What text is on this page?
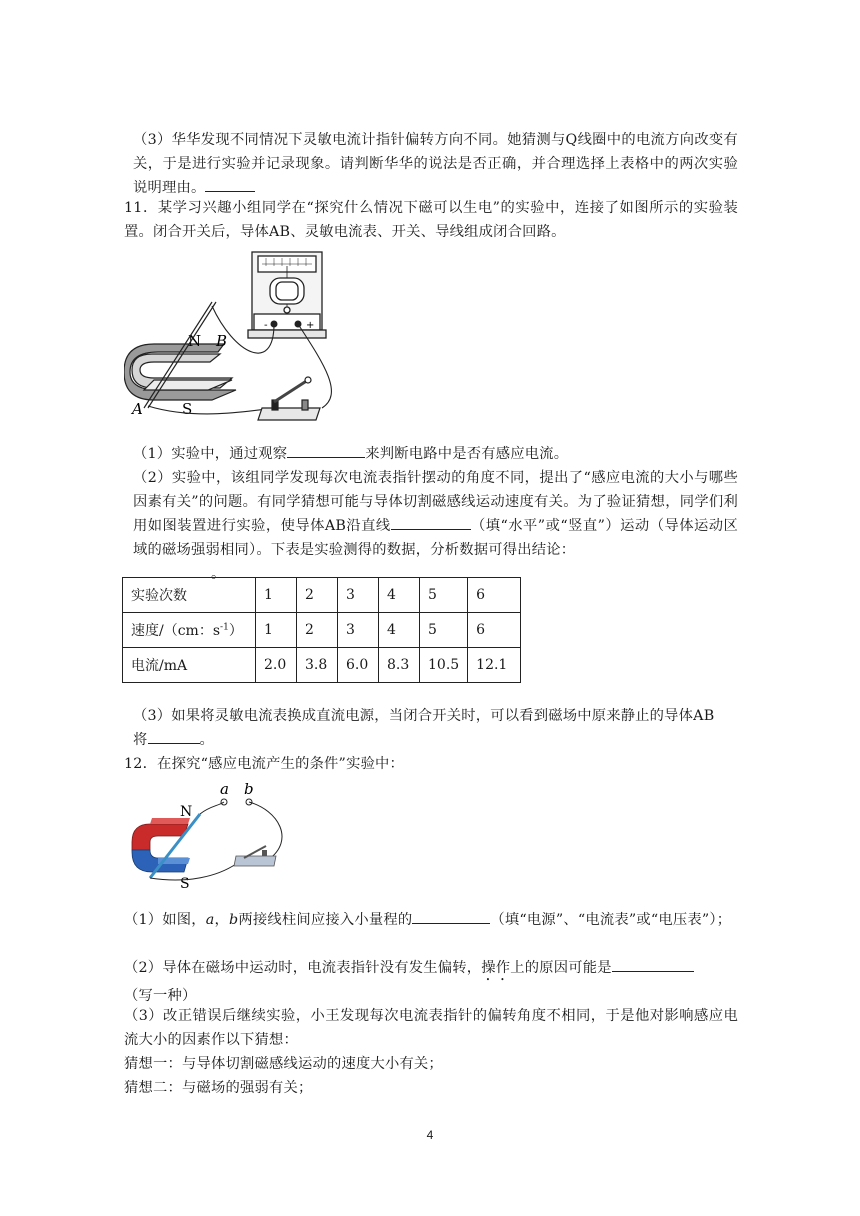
（3）华华发现不同情况下灵敏电流计指针偏转方向不同。她猜测与Q线圈中的电流方向改变有关，于是进行实验并记录现象。请判断华华的说法是否正确，并合理选择上表格中的两次实验说明理由。

11．某学习兴趣小组同学在“探究什么情况下磁可以生电”的实验中，连接了如图所示的实验装置。闭合开关后，导体AB、灵敏电流表、开关、导线组成闭合回路。

-	+
N
S
B
A

（1）实验中，通过观察	来判断电路中是否有感应电流。

（2）实验中，该组同学发现每次电流表指针摆动的角度不同，提出了“感应电流的大小与哪些因素有关”的问题。有同学猜想可能与导体切割磁感线运动速度有关。为了验证猜想，同学们利用如图装置进行实验，使导体AB沿直线	（填“水平”或“竖直”）运动（导体运动区域的磁场强弱相同）。下表是实验测得的数据，分析数据可得出结论：
。

实验次数	1	2	3	4	5	6
速度/（cm：$s^{-1}$）	1	2	3	4	5	6
电流/mA	2.0	3.8	6.0	8.3	10.5	12.1

（3）如果将灵敏电流表换成直流电源，当闭合开关时，可以看到磁场中原来静止的导体AB
将	。

12．在探究“感应电流产生的条件”实验中：

a b
N
S

（1）如图，a，b两接线柱间应接入小量程的	（填“电源”、“电流表”或“电压表”）；

（2）导体在磁场中运动时，电流表指针没有发生偏转，操作上的原因可能是
（写一种）

（3）改正错误后继续实验，小王发现每次电流表指针的偏转角度不相同，于是他对影响感应电流大小的因素作以下猜想：

猜想一：与导体切割磁感线运动的速度大小有关；

猜想二：与磁场的强弱有关；

4
